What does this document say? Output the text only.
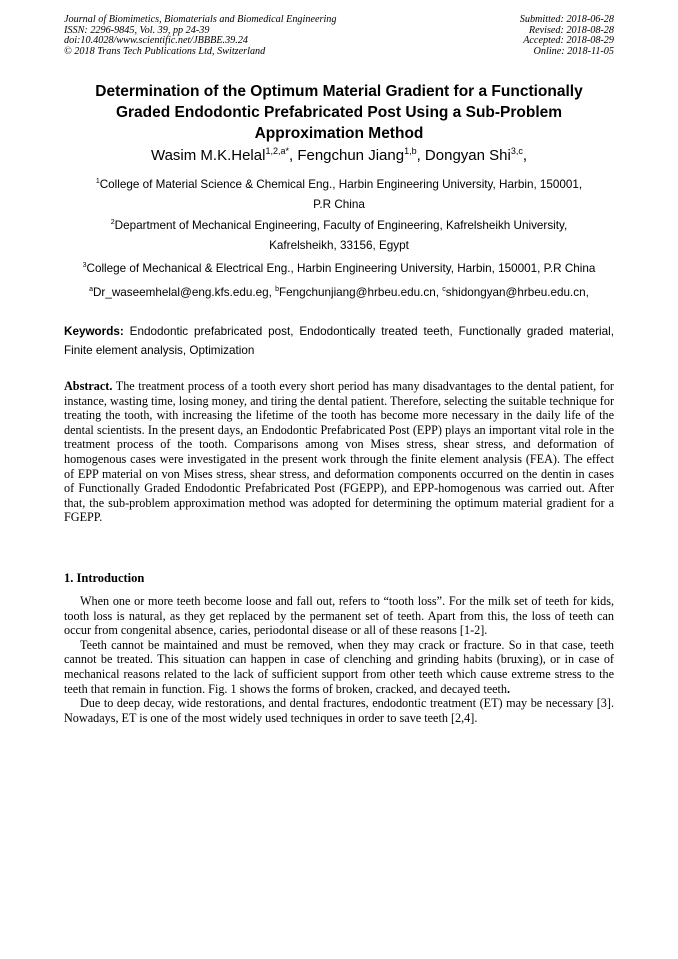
Journal of Biomimetics, Biomaterials and Biomedical Engineering
ISSN: 2296-9845, Vol. 39, pp 24-39
doi:10.4028/www.scientific.net/JBBBE.39.24
© 2018 Trans Tech Publications Ltd, Switzerland
Submitted: 2018-06-28
Revised: 2018-08-28
Accepted: 2018-08-29
Online: 2018-11-05
Determination of the Optimum Material Gradient for a Functionally
Graded Endodontic Prefabricated Post Using a Sub-Problem
Approximation Method
Wasim M.K.Helal$^{1,2,a*}$, Fengchun Jiang$^{1,b}$, Dongyan Shi$^{3,c}$,
$^1$College of Material Science & Chemical Eng., Harbin Engineering University, Harbin, 150001,
P.R China
$^2$Department of Mechanical Engineering, Faculty of Engineering, Kafrelsheikh University,
Kafrelsheikh, 33156, Egypt
$^3$College of Mechanical & Electrical Eng., Harbin Engineering University, Harbin, 150001, P.R China
$^a$Dr_waseemhelal@eng.kfs.edu.eg, $^b$Fengchunjiang@hrbeu.edu.cn, $^c$shidongyan@hrbeu.edu.cn,
Keywords: Endodontic prefabricated post, Endodontically treated teeth, Functionally graded material, Finite element analysis, Optimization
Abstract. The treatment process of a tooth every short period has many disadvantages to the dental patient, for instance, wasting time, losing money, and tiring the dental patient. Therefore, selecting the suitable technique for treating the tooth, with increasing the lifetime of the tooth has become more necessary in the daily life of the dental scientists. In the present days, an Endodontic Prefabricated Post (EPP) plays an important vital role in the treatment process of the tooth. Comparisons among von Mises stress, shear stress, and deformation of homogenous cases were investigated in the present work through the finite element analysis (FEA). The effect of EPP material on von Mises stress, shear stress, and deformation components occurred on the dentin in cases of Functionally Graded Endodontic Prefabricated Post (FGEPP), and EPP-homogenous was carried out. After that, the sub-problem approximation method was adopted for determining the optimum material gradient for a FGEPP.
1. Introduction

When one or more teeth become loose and fall out, refers to “tooth loss”. For the milk set of teeth for kids, tooth loss is natural, as they get replaced by the permanent set of teeth. Apart from this, the loss of teeth can occur from congenital absence, caries, periodontal disease or all of these reasons [1-2].

Teeth cannot be maintained and must be removed, when they may crack or fracture. So in that case, teeth cannot be treated. This situation can happen in case of clenching and grinding habits (bruxing), or in case of mechanical reasons related to the lack of sufficient support from other teeth which cause extreme stress to the teeth that remain in function. Fig. 1 shows the forms of broken, cracked, and decayed teeth.

Due to deep decay, wide restorations, and dental fractures, endodontic treatment (ET) may be necessary [3]. Nowadays, ET is one of the most widely used techniques in order to save teeth [2,4].
